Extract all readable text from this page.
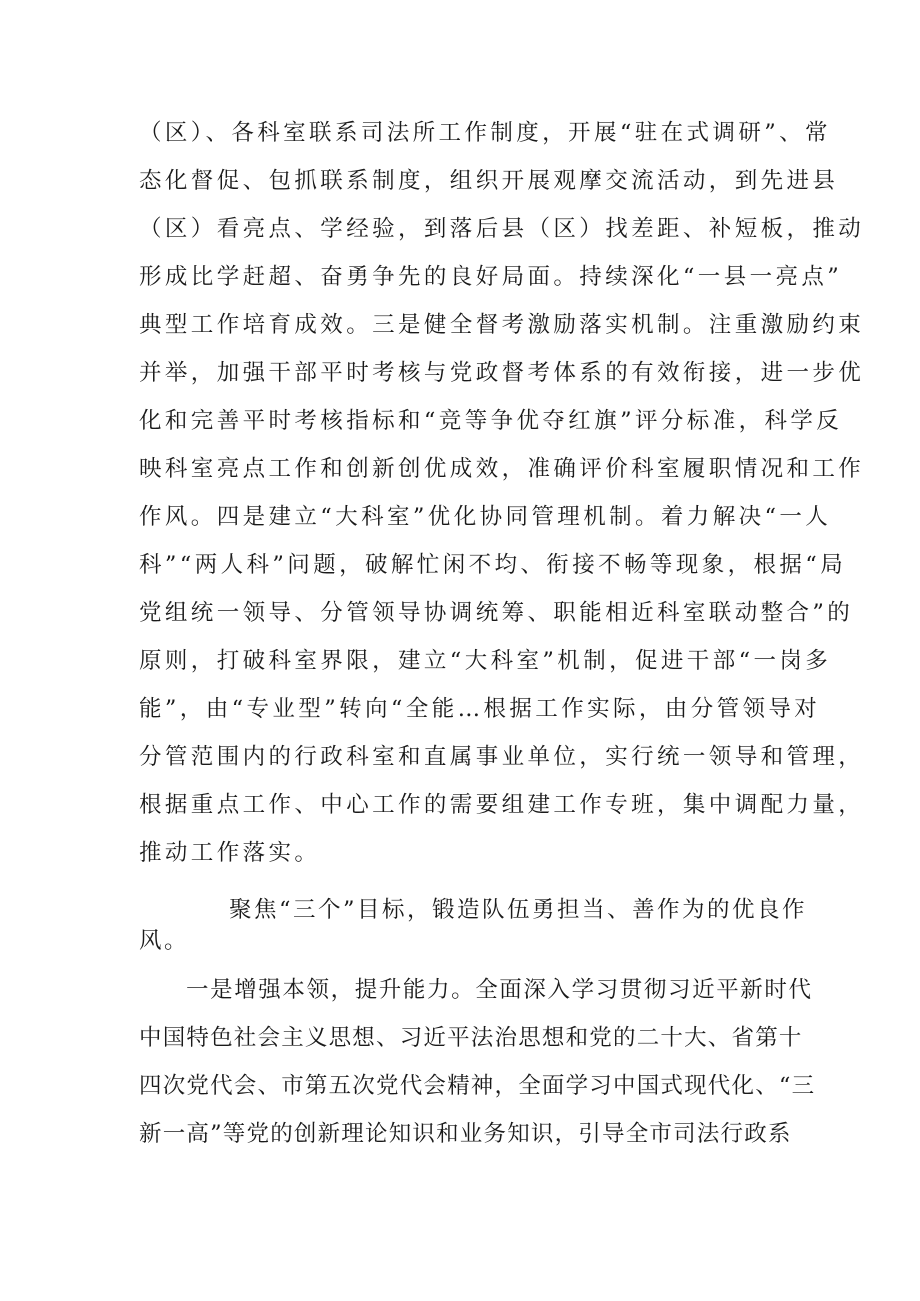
（区）、各科室联系司法所工作制度，开展“驻在式调研”、常
态化督促、包抓联系制度，组织开展观摩交流活动，到先进县
（区）看亮点、学经验，到落后县（区）找差距、补短板，推动
形成比学赶超、奋勇争先的良好局面。持续深化“一县一亮点”
典型工作培育成效。三是健全督考激励落实机制。注重激励约束
并举，加强干部平时考核与党政督考体系的有效衔接，进一步优
化和完善平时考核指标和“竞等争优夺红旗”评分标准，科学反
映科室亮点工作和创新创优成效，准确评价科室履职情况和工作
作风。四是建立“大科室”优化协同管理机制。着力解决“一人
科”“两人科”问题，破解忙闲不均、衔接不畅等现象，根据“局
党组统一领导、分管领导协调统筹、职能相近科室联动整合”的
原则，打破科室界限，建立“大科室”机制，促进干部“一岗多
能”，由“专业型”转向“全能…根据工作实际，由分管领导对
分管范围内的行政科室和直属事业单位，实行统一领导和管理，
根据重点工作、中心工作的需要组建工作专班，集中调配力量，
推动工作落实。
聚焦“三个”目标，锻造队伍勇担当、善作为的优良作
风。
一是增强本领，提升能力。全面深入学习贯彻习近平新时代
中国特色社会主义思想、习近平法治思想和党的二十大、省第十
四次党代会、市第五次党代会精神，全面学习中国式现代化、“三
新一高”等党的创新理论知识和业务知识，引导全市司法行政系
